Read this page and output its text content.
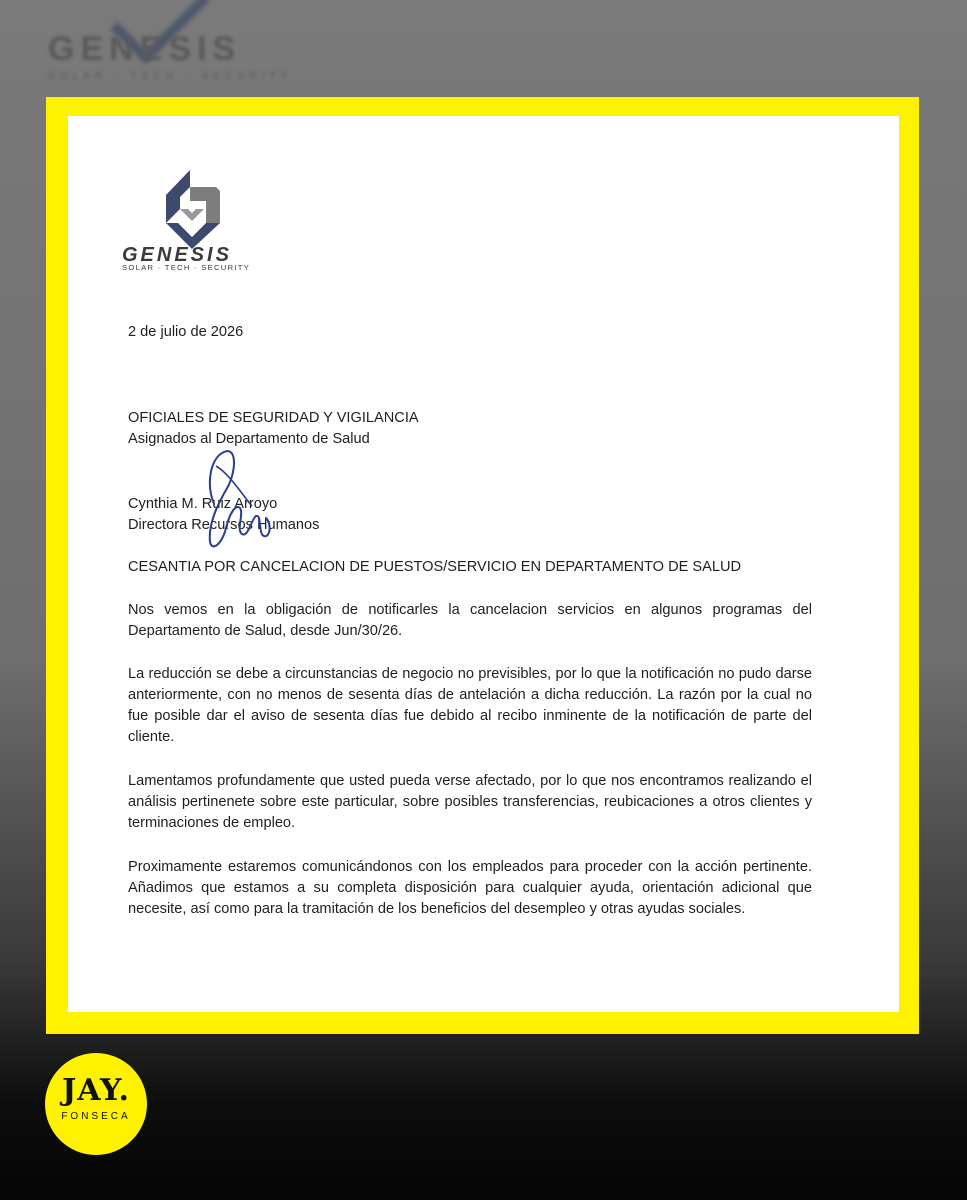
GENESIS
SOLAR · TECH · SECURITY
GENESIS
SOLAR · TECH · SECURITY
2 de julio de 2026
OFICIALES DE SEGURIDAD Y VIGILANCIA
Asignados al Departamento de Salud
Cynthia M. Ruiz Arroyo
Directora Recursos Humanos
CESANTIA POR CANCELACION DE PUESTOS/SERVICIO EN DEPARTAMENTO DE SALUD

Nos vemos en la obligación de notificarles la cancelacion servicios en algunos programas del Departamento de Salud, desde Jun/30/26.

La reducción se debe a circunstancias de negocio no previsibles, por lo que la notificación no pudo darse anteriormente, con no menos de sesenta días de antelación a dicha reducción. La razón por la cual no fue posible dar el aviso de sesenta días fue debido al recibo inminente de la notificación de parte del cliente.

Lamentamos profundamente que usted pueda verse afectado, por lo que nos encontramos realizando el análisis pertinenete sobre este particular, sobre posibles transferencias, reubicaciones a otros clientes y terminaciones de empleo.

Proximamente estaremos comunicándonos con los empleados para proceder con la acción pertinente. Añadimos que estamos a su completa disposición para cualquier ayuda, orientación adicional que necesite, así como para la tramitación de los beneficios del desempleo y otras ayudas sociales.

JAY.
FONSECA
